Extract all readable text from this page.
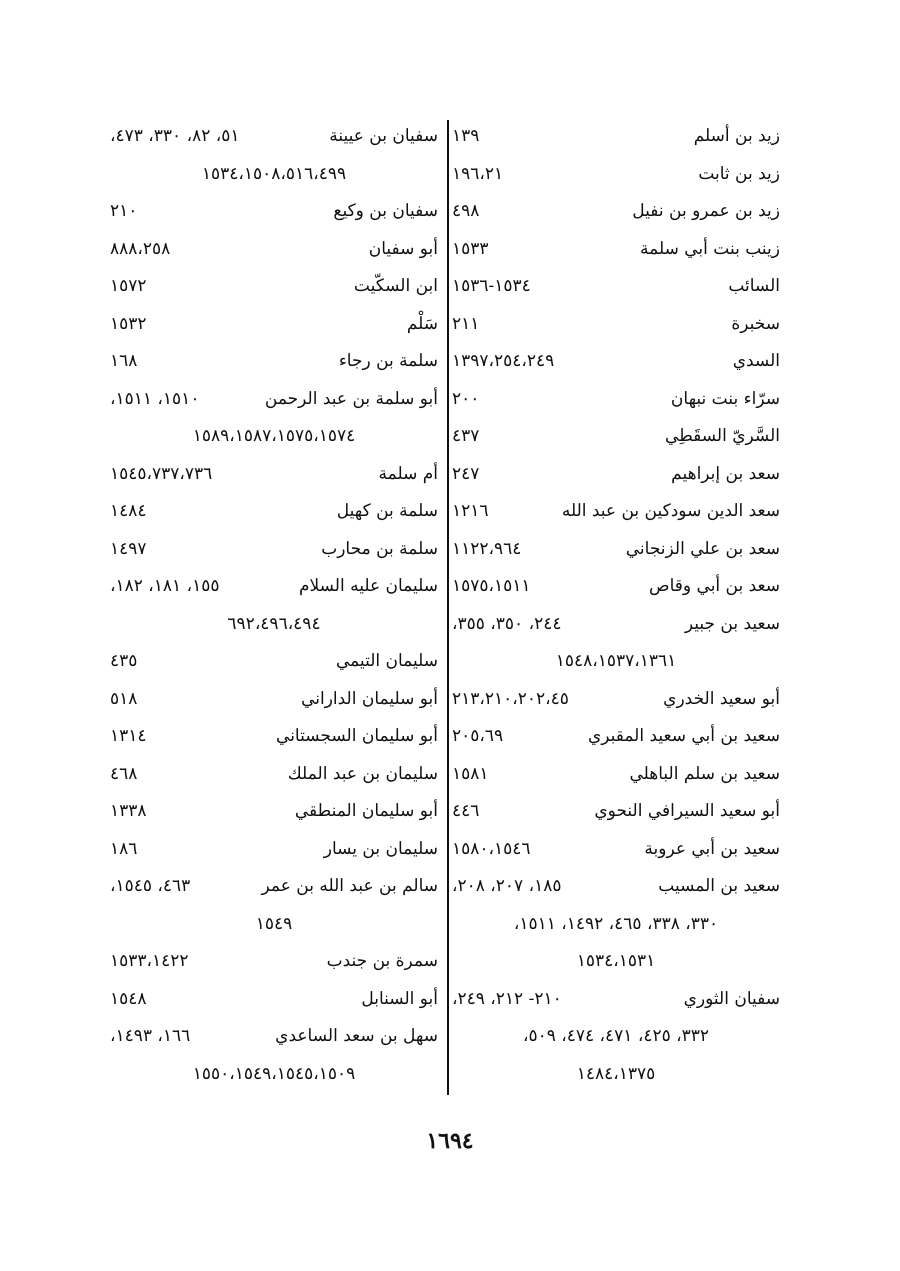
زيد بن أسلم
١٣٩
زيد بن ثابت
١٩٦،٢١
زيد بن عمرو بن نفيل
٤٩٨
زينب بنت أبي سلمة
١٥٣٣
السائب
١٥٣٤-١٥٣٦
سخبرة
٢١١
السدي
١٣٩٧،٢٥٤،٢٤٩
سرّاء بنت نبهان
٢٠٠
السَّريّ السقَطِي
٤٣٧
سعد بن إبراهيم
٢٤٧
سعد الدين سودكين بن عبد الله
١٢١٦
سعد بن علي الزنجاني
١١٢٢،٩٦٤
سعد بن أبي وقاص
١٥٧٥،١٥١١
سعيد بن جبير
٢٤٤، ٣٥٠، ٣٥٥،
١٥٤٨،١٥٣٧،١٣٦١
أبو سعيد الخدري
٢١٣،٢١٠،٢٠٢،٤٥
سعيد بن أبي سعيد المقبري
٢٠٥،٦٩
سعيد بن سلم الباهلي
١٥٨١
أبو سعيد السيرافي النحوي
٤٤٦
سعيد بن أبي عروبة
١٥٨٠،١٥٤٦
سعيد بن المسيب
١٨٥، ٢٠٧، ٢٠٨،
٣٣٠، ٣٣٨، ٤٦٥، ١٤٩٢، ١٥١١،
١٥٣٤،١٥٣١
سفيان الثوري
٢١٠- ٢١٢، ٢٤٩،
٣٣٢، ٤٢٥، ٤٧١، ٤٧٤، ٥٠٩،
١٤٨٤،١٣٧٥
سفيان بن عيينة
٥١، ٨٢، ٣٣٠، ٤٧٣،
١٥٣٤،١٥٠٨،٥١٦،٤٩٩
سفيان بن وكيع
٢١٠
أبو سفيان
٨٨٨،٢٥٨
ابن السكّيت
١٥٧٢
سَلْم
١٥٣٢
سلمة بن رجاء
١٦٨
أبو سلمة بن عبد الرحمن
١٥١٠، ١٥١١،
١٥٨٩،١٥٨٧،١٥٧٥،١٥٧٤
أم سلمة
١٥٤٥،٧٣٧،٧٣٦
سلمة بن كهيل
١٤٨٤
سلمة بن محارب
١٤٩٧
سليمان عليه السلام
١٥٥، ١٨١، ١٨٢،
٦٩٢،٤٩٦،٤٩٤
سليمان التيمي
٤٣٥
أبو سليمان الداراني
٥١٨
أبو سليمان السجستاني
١٣١٤
سليمان بن عبد الملك
٤٦٨
أبو سليمان المنطقي
١٣٣٨
سليمان بن يسار
١٨٦
سالم بن عبد الله بن عمر
٤٦٣، ١٥٤٥،
١٥٤٩
سمرة بن جندب
١٥٣٣،١٤٢٢
أبو السنابل
١٥٤٨
سهل بن سعد الساعدي
١٦٦، ١٤٩٣،
١٥٥٠،١٥٤٩،١٥٤٥،١٥٠٩
١٦٩٤
